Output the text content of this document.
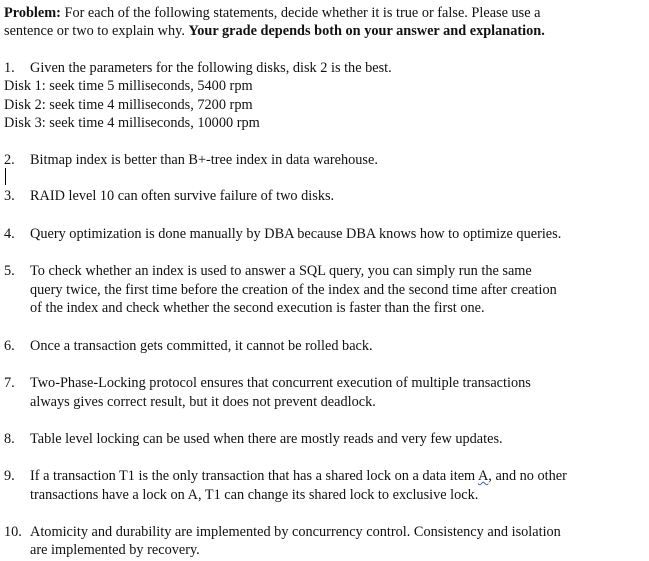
Problem: For each of the following statements, decide whether it is true or false. Please use a
sentence or two to explain why. Your grade depends both on your answer and explanation.
1. Given the parameters for the following disks, disk 2 is the best.
Disk 1: seek time 5 milliseconds, 5400 rpm
Disk 2: seek time 4 milliseconds, 7200 rpm
Disk 3: seek time 4 milliseconds, 10000 rpm
2. Bitmap index is better than B+-tree index in data warehouse.
3. RAID level 10 can often survive failure of two disks.
4. Query optimization is done manually by DBA because DBA knows how to optimize queries.
5. To check whether an index is used to answer a SQL query, you can simply run the same
query twice, the first time before the creation of the index and the second time after creation
of the index and check whether the second execution is faster than the first one.
6. Once a transaction gets committed, it cannot be rolled back.
7. Two-Phase-Locking protocol ensures that concurrent execution of multiple transactions
always gives correct result, but it does not prevent deadlock.
8. Table level locking can be used when there are mostly reads and very few updates.
9. If a transaction T1 is the only transaction that has a shared lock on a data item A, and no other
transactions have a lock on A, T1 can change its shared lock to exclusive lock.
10. Atomicity and durability are implemented by concurrency control. Consistency and isolation
are implemented by recovery.
